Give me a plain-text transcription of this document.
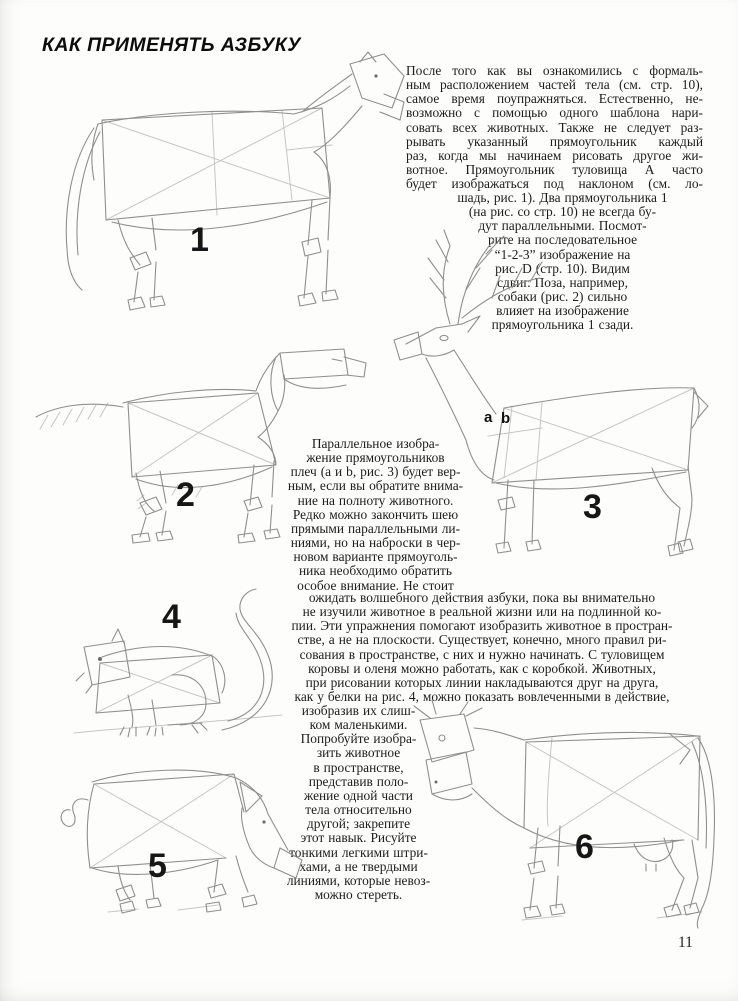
КАК ПРИМЕНЯТЬ АЗБУКУ
1
После того как вы ознакомились с формаль-
ным расположением частей тела (см. стр. 10),
самое время поупражняться. Естественно, не-
возможно с помощью одного шаблона нари-
совать всех животных. Также не следует раз-
рывать указанный прямоугольник каждый
раз, когда мы начинаем рисовать другое жи-
вотное. Прямоугольник туловища А часто
будет изображаться под наклоном (см. ло-
шадь, рис. 1). Два прямоугольника 1
(на рис. со стр. 10) не всегда бу-
дут параллельными. Посмот-
рите на последовательное
“1-2-3” изображение на
рис. D (стр. 10). Видим
сдвиг. Поза, например,
собаки (рис. 2) сильно
влияет на изображение
прямоугольника 1 сзади.
2
a b
3
Параллельное изобра-
жение прямоугольников
плеч (а и b, рис. 3) будет вер-
ным, если вы обратите внима-
ние на полноту животного.
Редко можно закончить шею
прямыми параллельными ли-
ниями, но на наброски в чер-
новом варианте прямоуголь-
ника необходимо обратить
особое внимание. Не стоит
4
ожидать волшебного действия азбуки, пока вы внимательно
не изучили животное в реальной жизни или на подлинной ко-
пии. Эти упражнения помогают изобразить животное в простран-
стве, а не на плоскости. Существует, конечно, много правил ри-
сования в пространстве, с них и нужно начинать. С туловищем
коровы и оленя можно работать, как с коробкой. Животных,
при рисовании которых линии накладываются друг на друга,
как у белки на рис. 4, можно показать вовлеченными в действие,
изобразив их слиш-
ком маленькими.
Попробуйте изобра-
зить животное
в пространстве,
представив поло-
жение одной части
тела относительно
другой; закрепите
этот навык. Рисуйте
тонкими легкими штри-
хами, а не твердыми
линиями, которые невоз-
можно стереть.
5	6
11
